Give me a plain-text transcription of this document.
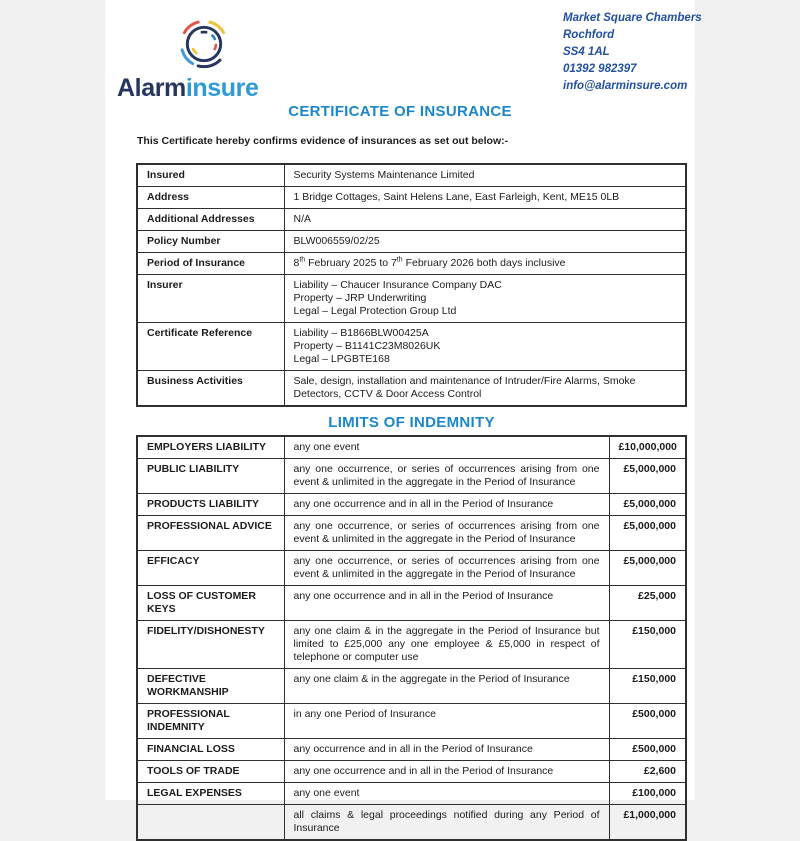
Alarminsure
Market Square Chambers
Rochford
SS4 1AL
01392 982397
info@alarminsure.com
CERTIFICATE OF INSURANCE
This Certificate hereby confirms evidence of insurances as set out below:-
Insured	Security Systems Maintenance Limited
Address	1 Bridge Cottages, Saint Helens Lane, East Farleigh, Kent, ME15 0LB
Additional Addresses	N/A
Policy Number	BLW006559/02/25
Period of Insurance	8th February 2025 to 7th February 2026 both days inclusive
Insurer	Liability – Chaucer Insurance Company DAC
Property – JRP Underwriting
Legal – Legal Protection Group Ltd

Certificate Reference	Liability – B1866BLW00425A
Property – B1141C23M8026UK
Legal – LPGBTE168

Business Activities	Sale, design, installation and maintenance of Intruder/Fire Alarms, Smoke Detectors, CCTV & Door Access Control
LIMITS OF INDEMNITY
EMPLOYERS LIABILITY	any one event	£10,000,000
PUBLIC LIABILITY	any one occurrence, or series of occurrences arising from one event & unlimited in the aggregate in the Period of Insurance	£5,000,000
PRODUCTS LIABILITY	any one occurrence and in all in the Period of Insurance	£5,000,000
PROFESSIONAL ADVICE	any one occurrence, or series of occurrences arising from one event & unlimited in the aggregate in the Period of Insurance	£5,000,000
EFFICACY	any one occurrence, or series of occurrences arising from one event & unlimited in the aggregate in the Period of Insurance	£5,000,000
LOSS OF CUSTOMER KEYS	any one occurrence and in all in the Period of Insurance	£25,000
FIDELITY/DISHONESTY	any one claim & in the aggregate in the Period of Insurance but limited to £25,000 any one employee & £5,000 in respect of telephone or computer use	£150,000
DEFECTIVE WORKMANSHIP	any one claim & in the aggregate in the Period of Insurance	£150,000
PROFESSIONAL INDEMNITY	in any one Period of Insurance	£500,000
FINANCIAL LOSS	any occurrence and in all in the Period of Insurance	£500,000
TOOLS OF TRADE	any one occurrence and in all in the Period of Insurance	£2,600
LEGAL EXPENSES	any one event	£100,000
	all claims & legal proceedings notified during any Period of Insurance	£1,000,000
